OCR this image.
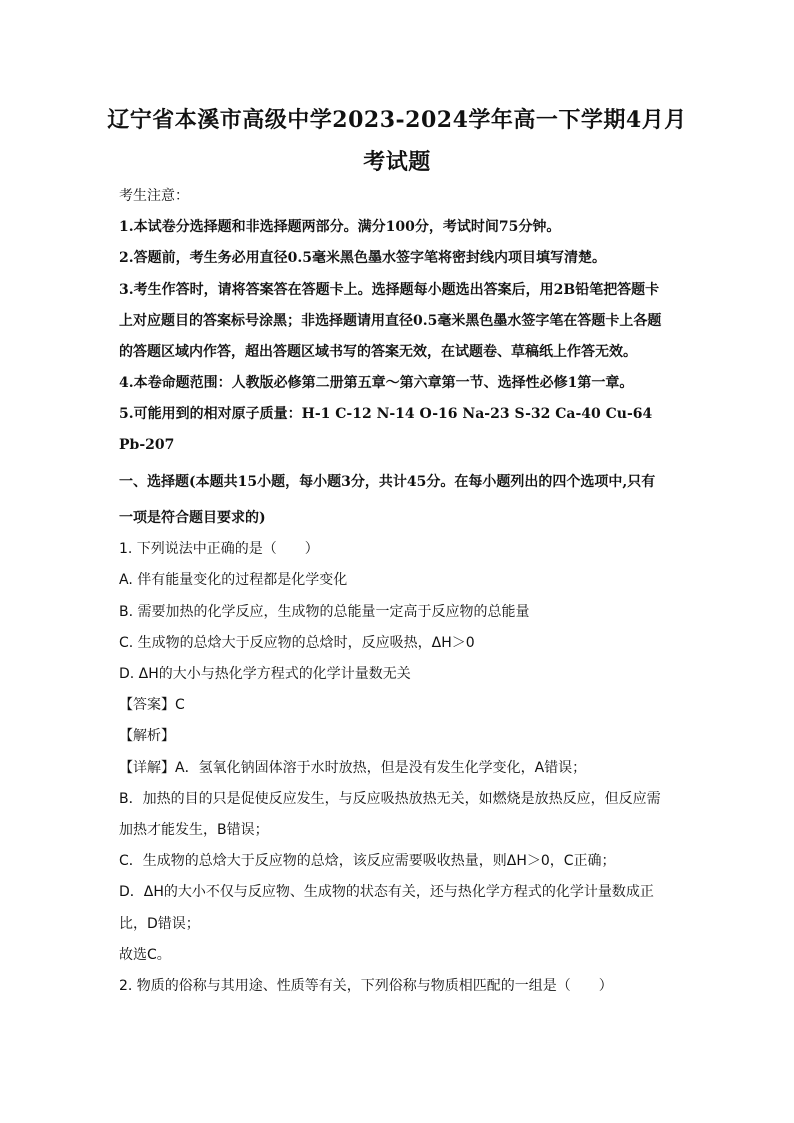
辽宁省本溪市高级中学2023-2024学年高一下学期4月月
考试题
考生注意：
1.本试卷分选择题和非选择题两部分。满分100分，考试时间75分钟。
2.答题前，考生务必用直径0.5毫米黑色墨水签字笔将密封线内项目填写清楚。
3.考生作答时，请将答案答在答题卡上。选择题每小题选出答案后，用2B铅笔把答题卡
上对应题目的答案标号涂黑；非选择题请用直径0.5毫米黑色墨水签字笔在答题卡上各题
的答题区域内作答，超出答题区域书写的答案无效，在试题卷、草稿纸上作答无效。
4.本卷命题范围：人教版必修第二册第五章～第六章第一节、选择性必修1第一章。
5.可能用到的相对原子质量：H-1 C-12 N-14 O-16 Na-23 S-32 Ca-40 Cu-64
Pb-207
一、选择题(本题共15小题，每小题3分，共计45分。在每小题列出的四个选项中,只有
一项是符合题目要求的)
1. 下列说法中正确的是（　　）
A. 伴有能量变化的过程都是化学变化
B. 需要加热的化学反应，生成物的总能量一定高于反应物的总能量
C. 生成物的总焓大于反应物的总焓时，反应吸热，ΔH＞0
D. ΔH的大小与热化学方程式的化学计量数无关
【答案】C
【解析】
【详解】A．氢氧化钠固体溶于水时放热，但是没有发生化学变化，A错误；
B．加热的目的只是促使反应发生，与反应吸热放热无关，如燃烧是放热反应，但反应需
加热才能发生，B错误；
C．生成物的总焓大于反应物的总焓，该反应需要吸收热量，则ΔH＞0，C正确；
D．ΔH的大小不仅与反应物、生成物的状态有关，还与热化学方程式的化学计量数成正
比，D错误；
故选C。
2. 物质的俗称与其用途、性质等有关，下列俗称与物质相匹配的一组是（　　）
